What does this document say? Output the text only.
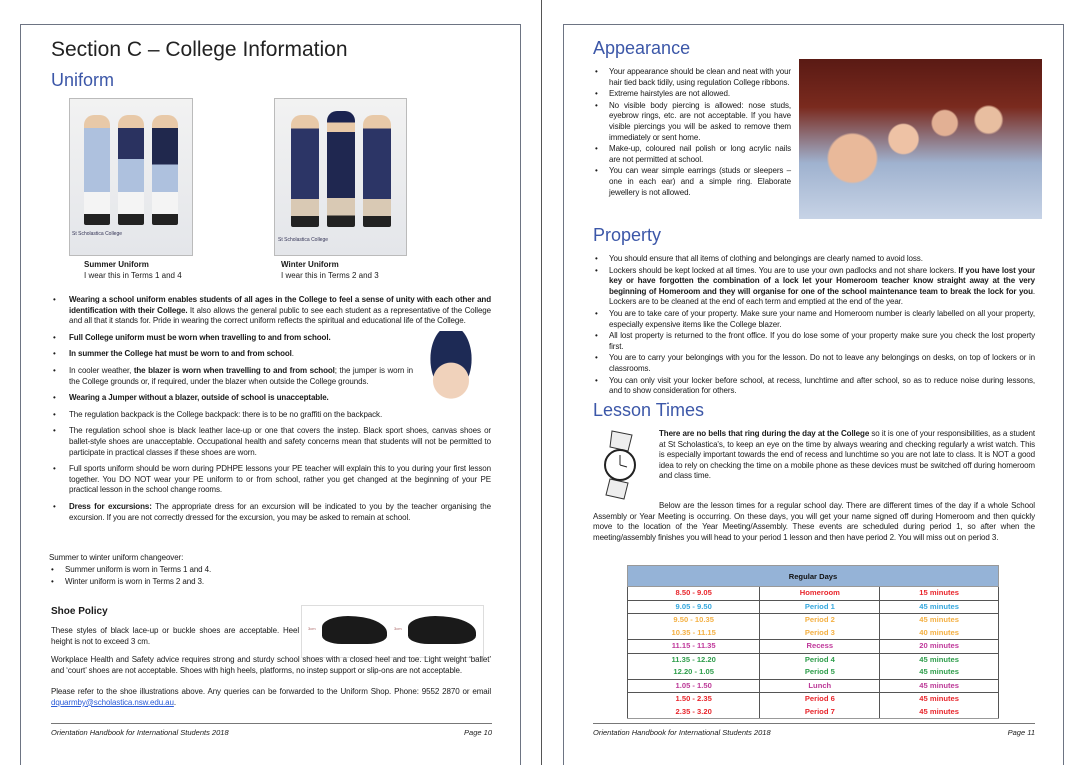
Section C – College Information
Uniform
St Scholastica College
St Scholastica College
Summer Uniform
I wear this in Terms 1 and 4
Winter Uniform
I wear this in Terms 2 and 3
• Wearing a school uniform enables students of all ages in the College to feel a sense of unity with each other and identification with their College. It also allows the general public to see each student as a representative of the College and all that it stands for. Pride in wearing the correct uniform reflects the spiritual and educational life of the College.
• Full College uniform must be worn when travelling to and from school.
• In summer the College hat must be worn to and from school.
• In cooler weather, the blazer is worn when travelling to and from school; the jumper is worn in the College grounds or, if required, under the blazer when outside the College grounds.
• Wearing a Jumper without a blazer, outside of school is unacceptable.
• The regulation backpack is the College backpack: there is to be no graffiti on the backpack.
• The regulation school shoe is black leather lace-up or one that covers the instep. Black sport shoes, canvas shoes or ballet-style shoes are unacceptable. Occupational health and safety concerns mean that students will not be permitted to participate in practical classes if these shoes are worn.
• Full sports uniform should be worn during PDHPE lessons your PE teacher will explain this to you during your first lesson together. You DO NOT wear your PE uniform to or from school, rather you get changed at the beginning of your PE practical lesson in the school change rooms.
• Dress for excursions: The appropriate dress for an excursion will be indicated to you by the teacher organising the excursion. If you are not correctly dressed for the excursion, you may be asked to remain at school.
Summer to winter uniform changeover:
• Summer uniform is worn in Terms 1 and 4.
• Winter uniform is worn in Terms 2 and 3.
Shoe Policy
3cm	3cm
These styles of black lace-up or buckle shoes are acceptable. Heel height is not to exceed 3 cm.
Workplace Health and Safety advice requires strong and sturdy school shoes with a closed heel and toe. Light weight ‘ballet’ and ‘court’ shoes are not acceptable. Shoes with high heels, platforms, no instep support or slip-ons are not acceptable.
Please refer to the shoe illustrations above. Any queries can be forwarded to the Uniform Shop. Phone: 9552 2870 or email dquarmby@scholastica.nsw.edu.au.
Orientation Handbook for International Students 2018	Page 10
Appearance
• Your appearance should be clean and neat with your hair tied back tidily, using regulation College ribbons.
• Extreme hairstyles are not allowed.
• No visible body piercing is allowed: nose studs, eyebrow rings, etc. are not acceptable. If you have visible piercings you will be asked to remove them immediately or sent home.
• Make-up, coloured nail polish or long acrylic nails are not permitted at school.
• You can wear simple earrings (studs or sleepers – one in each ear) and a simple ring. Elaborate jewellery is not allowed.
Property
• You should ensure that all items of clothing and belongings are clearly named to avoid loss.
• Lockers should be kept locked at all times. You are to use your own padlocks and not share lockers. If you have lost your key or have forgotten the combination of a lock let your Homeroom teacher know straight away at the very beginning of Homeroom and they will organise for one of the school maintenance team to break the lock for you. Lockers are to be cleaned at the end of each term and emptied at the end of the year.
• You are to take care of your property. Make sure your name and Homeroom number is clearly labelled on all your property, especially expensive items like the College blazer.
• All lost property is returned to the front office. If you do lose some of your property make sure you check the lost property first.
• You are to carry your belongings with you for the lesson. Do not to leave any belongings on desks, on top of lockers or in classrooms.
• You can only visit your locker before school, at recess, lunchtime and after school, so as to reduce noise during lessons, and to show consideration for others.
Lesson Times
There are no bells that ring during the day at the College so it is one of your responsibilities, as a student at St Scholastica's, to keep an eye on the time by always wearing and checking regularly a wrist watch. This is especially important towards the end of recess and lunchtime so you are not late to class. It is NOT a good idea to rely on checking the time on a mobile phone as these devices must be switched off during homeroom and class time.
Below are the lesson times for a regular school day. There are different times of the day if a whole School Assembly or Year Meeting is occurring. On these days, you will get your name signed off during Homeroom and then quickly move to the location of the Year Meeting/Assembly. These events are scheduled during period 1, so after when the meeting/assembly finishes you will head to your period 1 lesson and then have period 2. You will miss out on period 3.
Regular Days		
8.50 - 9.05	Homeroom	15 minutes
9.05 - 9.50	Period 1	45 minutes
9.50 - 10.35	Period 2	45 minutes
10.35 - 11.15	Period 3	40 minutes
11.15 - 11.35	Recess	20 minutes
11.35 - 12.20	Period 4	45 minutes
12.20 - 1.05	Period 5	45 minutes
1.05 - 1.50	Lunch	45 minutes
1.50 - 2.35	Period 6	45 minutes
2.35 - 3.20	Period 7	45 minutes
Orientation Handbook for International Students 2018	Page 11
